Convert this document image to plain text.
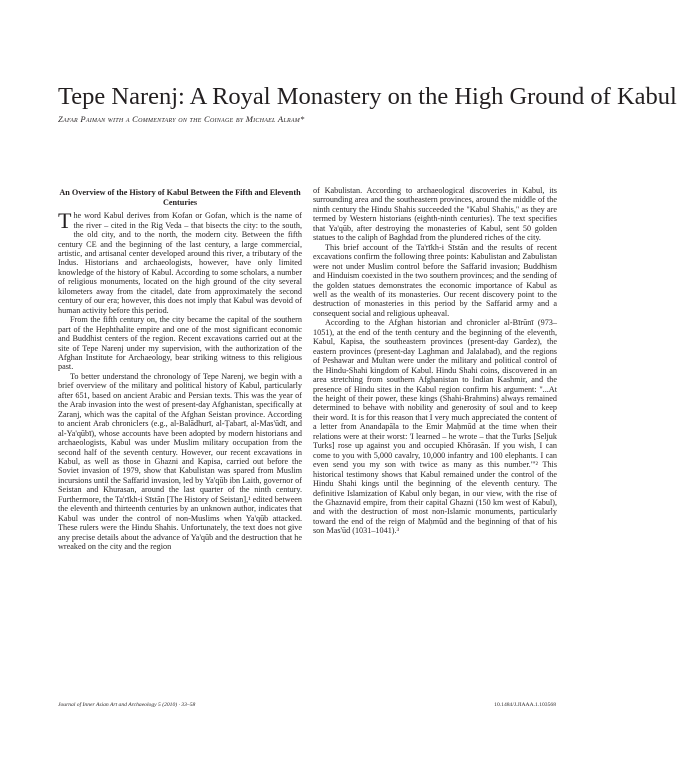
Tepe Narenj: A Royal Monastery on the High Ground of Kabul
Zafar Paiman with a Commentary on the Coinage by Michael Alram*
An Overview of the History of Kabul Between the Fifth and Eleventh Centuries

The word Kabul derives from Kofan or Gofan, which is the name of the river – cited in the Rig Veda – that bisects the city: to the south, the old city, and to the north, the modern city. Between the fifth century CE and the beginning of the last century, a large commercial, artistic, and artisanal center developed around this river, a tributary of the Indus. Historians and archaeologists, however, have only limited knowledge of the history of Kabul. According to some scholars, a number of religious monuments, located on the high ground of the city several kilometers away from the citadel, date from approximately the second century of our era; however, this does not imply that Kabul was devoid of human activity before this period.

From the fifth century on, the city became the capital of the southern part of the Hephthalite empire and one of the most significant economic and Buddhist centers of the region. Recent excavations carried out at the site of Tepe Narenj under my supervision, with the authorization of the Afghan Institute for Archaeology, bear striking witness to this religious past.

To better understand the chronology of Tepe Narenj, we begin with a brief overview of the military and political history of Kabul, particularly after 651, based on ancient Arabic and Persian texts. This was the year of the Arab invasion into the west of present-day Afghanistan, specifically at Zaranj, which was the capital of the Afghan Seistan province. According to ancient Arab chroniclers (e.g., al-Balādhurī, al-Ṭabarī, al-Mas'ūdī, and al-Ya'qūbī), whose accounts have been adopted by modern historians and archaeologists, Kabul was under Muslim military occupation from the second half of the seventh century. However, our recent excavations in Kabul, as well as those in Ghazni and Kapisa, carried out before the Soviet invasion of 1979, show that Kabulistan was spared from Muslim incursions until the Saffarid invasion, led by Ya'qūb ibn Laith, governor of Seistan and Khurasan, around the last quarter of the ninth century. Furthermore, the Ta'rīkh-i Sīstān [The History of Seistan],¹ edited between the eleventh and thirteenth centuries by an unknown author, indicates that Kabul was under the control of non-Muslims when Ya'qūb attacked. These rulers were the Hindu Shahis. Unfortunately, the text does not give any precise details about the advance of Ya'qūb and the destruction that he wreaked on the city and the region

of Kabulistan. According to archaeological discoveries in Kabul, its surrounding area and the southeastern provinces, around the middle of the ninth century the Hindu Shahis succeeded the "Kabul Shahis," as they are termed by Western historians (eighth-ninth centuries). The text specifies that Ya'qūb, after destroying the monasteries of Kabul, sent 50 golden statues to the caliph of Baghdad from the plundered riches of the city.

This brief account of the Ta'rīkh-i Sīstān and the results of recent excavations confirm the following three points: Kabulistan and Zabulistan were not under Muslim control before the Saffarid invasion; Buddhism and Hinduism coexisted in the two southern provinces; and the sending of the golden statues demonstrates the economic importance of Kabul as well as the wealth of its monasteries. Our recent discovery point to the destruction of monasteries in this period by the Saffarid army and a consequent social and religious upheaval.

According to the Afghan historian and chronicler al-Bīrūnī (973–1051), at the end of the tenth century and the beginning of the eleventh, Kabul, Kapisa, the southeastern provinces (present-day Gardez), the eastern provinces (present-day Laghman and Jalalabad), and the regions of Peshawar and Multan were under the military and political control of the Hindu-Shahi kingdom of Kabul. Hindu Shahi coins, discovered in an area stretching from southern Afghanistan to Indian Kashmir, and the presence of Hindu sites in the Kabul region confirm his argument: "...At the height of their power, these kings (Shahi-Brahmins) always remained determined to behave with nobility and generosity of soul and to keep their word. It is for this reason that I very much appreciated the content of a letter from Anandapāla to the Emir Maḥmūd at the time when their relations were at their worst: 'I learned – he wrote – that the Turks [Seljuk Turks] rose up against you and occupied Khōrasān. If you wish, I can come to you with 5,000 cavalry, 10,000 infantry and 100 elephants. I can even send you my son with twice as many as this number.'"² This historical testimony shows that Kabul remained under the control of the Hindu Shahi kings until the beginning of the eleventh century. The definitive Islamization of Kabul only began, in our view, with the rise of the Ghaznavid empire, from their capital Ghazni (150 km west of Kabul), and with the destruction of most non-Islamic monuments, particularly toward the end of the reign of Maḥmūd and the beginning of that of his son Mas'ūd (1031–1041).³

Journal of Inner Asian Art and Archaeology 5 (2010) · 33–58	10.1484/J.JIAAA.1.103568
